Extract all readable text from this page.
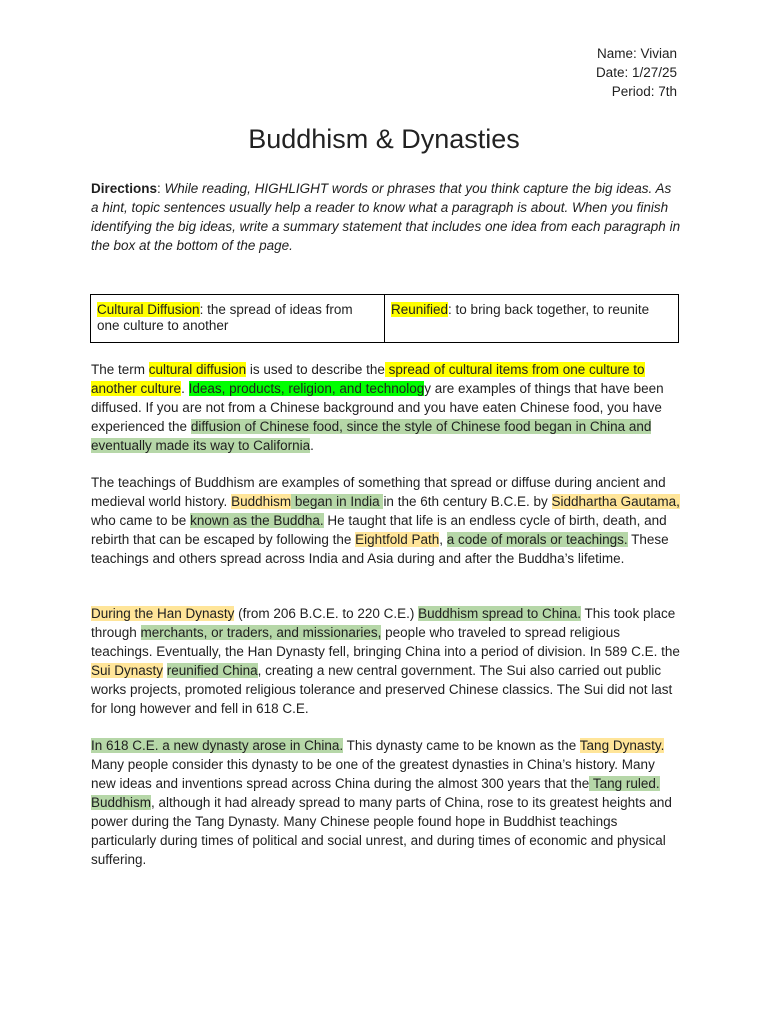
Name: Vivian
Date: 1/27/25
Period: 7th
Buddhism & Dynasties
Directions: While reading, HIGHLIGHT words or phrases that you think capture the big ideas. As a hint, topic sentences usually help a reader to know what a paragraph is about. When you finish identifying the big ideas, write a summary statement that includes one idea from each paragraph in the box at the bottom of the page.
Cultural Diffusion: the spread of ideas from one culture to another	Reunified: to bring back together, to reunite
The term cultural diffusion is used to describe the spread of cultural items from one culture to another culture. Ideas, products, religion, and technology are examples of things that have been diffused. If you are not from a Chinese background and you have eaten Chinese food, you have experienced the diffusion of Chinese food, since the style of Chinese food began in China and eventually made its way to California.
The teachings of Buddhism are examples of something that spread or diffuse during ancient and medieval world history. Buddhism began in India in the 6th century B.C.E. by Siddhartha Gautama, who came to be known as the Buddha. He taught that life is an endless cycle of birth, death, and rebirth that can be escaped by following the Eightfold Path, a code of morals or teachings. These teachings and others spread across India and Asia during and after the Buddha’s lifetime.
During the Han Dynasty (from 206 B.C.E. to 220 C.E.) Buddhism spread to China. This took place through merchants, or traders, and missionaries, people who traveled to spread religious teachings. Eventually, the Han Dynasty fell, bringing China into a period of division. In 589 C.E. the Sui Dynasty reunified China, creating a new central government. The Sui also carried out public works projects, promoted religious tolerance and preserved Chinese classics. The Sui did not last for long however and fell in 618 C.E.
In 618 C.E. a new dynasty arose in China. This dynasty came to be known as the Tang Dynasty. Many people consider this dynasty to be one of the greatest dynasties in China’s history. Many new ideas and inventions spread across China during the almost 300 years that the Tang ruled. Buddhism, although it had already spread to many parts of China, rose to its greatest heights and power during the Tang Dynasty. Many Chinese people found hope in Buddhist teachings particularly during times of political and social unrest, and during times of economic and physical suffering.
